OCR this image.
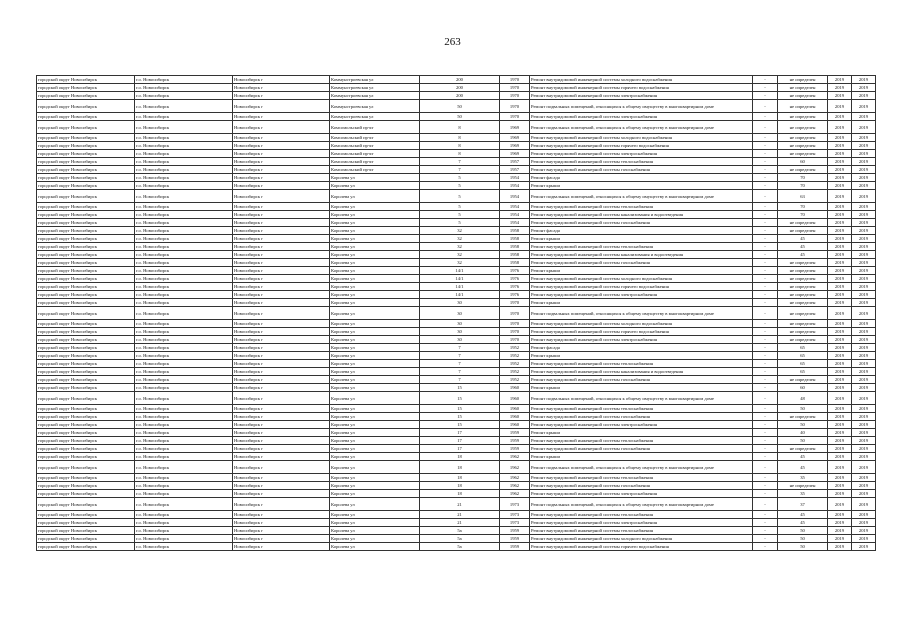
263
городской округ Новосибирск	г.о. Новосибирск	Новосибирск г	Коммунстроевская ул	200	1970	Ремонт внутридомовой инженерной системы холодного водоснабжения	-	не определен	2019	2019
городской округ Новосибирск	г.о. Новосибирск	Новосибирск г	Коммунстроевская ул	200	1970	Ремонт внутридомовой инженерной системы горячего водоснабжения	-	не определен	2019	2019
городской округ Новосибирск	г.о. Новосибирск	Новосибирск г	Коммунстроевская ул	200	1970	Ремонт внутридомовой инженерной системы электроснабжения	-	не определен	2019	2019
городской округ Новосибирск	г.о. Новосибирск	Новосибирск г	Коммунстроевская ул	50	1970	Ремонт подвальных помещений, относящихся к общему имуществу в многоквартирном доме	-	не определен	2019	2019
городской округ Новосибирск	г.о. Новосибирск	Новосибирск г	Коммунстроевская ул	50	1970	Ремонт внутридомовой инженерной системы электроснабжения	-	не определен	2019	2019
городской округ Новосибирск	г.о. Новосибирск	Новосибирск г	Комсомольский пр-кт	8	1969	Ремонт подвальных помещений, относящихся к общему имуществу в многоквартирном доме	-	не определен	2019	2019
городской округ Новосибирск	г.о. Новосибирск	Новосибирск г	Комсомольский пр-кт	8	1969	Ремонт внутридомовой инженерной системы холодного водоснабжения	-	не определен	2019	2019
городской округ Новосибирск	г.о. Новосибирск	Новосибирск г	Комсомольский пр-кт	8	1969	Ремонт внутридомовой инженерной системы горячего водоснабжения	-	не определен	2019	2019
городской округ Новосибирск	г.о. Новосибирск	Новосибирск г	Комсомольский пр-кт	8	1969	Ремонт внутридомовой инженерной системы электроснабжения	-	не определен	2019	2019
городской округ Новосибирск	г.о. Новосибирск	Новосибирск г	Комсомольский пр-кт	7	1957	Ремонт внутридомовой инженерной системы теплоснабжения	-	60	2019	2019
городской округ Новосибирск	г.о. Новосибирск	Новосибирск г	Комсомольский пр-кт	7	1957	Ремонт внутридомовой инженерной системы газоснабжения	-	не определен	2019	2019
городской округ Новосибирск	г.о. Новосибирск	Новосибирск г	Королева ул	5	1954	Ремонт фасада	-	70	2019	2019
городской округ Новосибирск	г.о. Новосибирск	Новосибирск г	Королева ул	5	1954	Ремонт крыши	-	70	2019	2019
городской округ Новосибирск	г.о. Новосибирск	Новосибирск г	Королева ул	5	1954	Ремонт подвальных помещений, относящихся к общему имуществу в многоквартирном доме	-	63	2019	2019
городской округ Новосибирск	г.о. Новосибирск	Новосибирск г	Королева ул	5	1954	Ремонт внутридомовой инженерной системы теплоснабжения	-	70	2019	2019
городской округ Новосибирск	г.о. Новосибирск	Новосибирск г	Королева ул	5	1954	Ремонт внутридомовой инженерной системы канализования и водоотведения	-	70	2019	2019
городской округ Новосибирск	г.о. Новосибирск	Новосибирск г	Королева ул	5	1954	Ремонт внутридомовой инженерной системы газоснабжения	-	не определен	2019	2019
городской округ Новосибирск	г.о. Новосибирск	Новосибирск г	Королева ул	32	1958	Ремонт фасада	-	не определен	2019	2019
городской округ Новосибирск	г.о. Новосибирск	Новосибирск г	Королева ул	32	1958	Ремонт крыши	-	45	2019	2019
городской округ Новосибирск	г.о. Новосибирск	Новосибирск г	Королева ул	32	1958	Ремонт внутридомовой инженерной системы теплоснабжения	-	45	2019	2019
городской округ Новосибирск	г.о. Новосибирск	Новосибирск г	Королева ул	32	1958	Ремонт внутридомовой инженерной системы канализования и водоотведения	-	45	2019	2019
городской округ Новосибирск	г.о. Новосибирск	Новосибирск г	Королева ул	32	1958	Ремонт внутридомовой инженерной системы газоснабжения	-	не определен	2019	2019
городской округ Новосибирск	г.о. Новосибирск	Новосибирск г	Королева ул	14/1	1976	Ремонт крыши	-	не определен	2019	2019
городской округ Новосибирск	г.о. Новосибирск	Новосибирск г	Королева ул	14/1	1976	Ремонт внутридомовой инженерной системы холодного водоснабжения	-	не определен	2019	2019
городской округ Новосибирск	г.о. Новосибирск	Новосибирск г	Королева ул	14/1	1976	Ремонт внутридомовой инженерной системы горячего водоснабжения	-	не определен	2019	2019
городской округ Новосибирск	г.о. Новосибирск	Новосибирск г	Королева ул	14/1	1976	Ремонт внутридомовой инженерной системы электроснабжения	-	не определен	2019	2019
городской округ Новосибирск	г.о. Новосибирск	Новосибирск г	Королева ул	30	1970	Ремонт крыши	-	не определен	2019	2019
городской округ Новосибирск	г.о. Новосибирск	Новосибирск г	Королева ул	30	1970	Ремонт подвальных помещений, относящихся к общему имуществу в многоквартирном доме	-	не определен	2019	2019
городской округ Новосибирск	г.о. Новосибирск	Новосибирск г	Королева ул	30	1970	Ремонт внутридомовой инженерной системы холодного водоснабжения	-	не определен	2019	2019
городской округ Новосибирск	г.о. Новосибирск	Новосибирск г	Королева ул	30	1970	Ремонт внутридомовой инженерной системы горячего водоснабжения	-	не определен	2019	2019
городской округ Новосибирск	г.о. Новосибирск	Новосибирск г	Королева ул	30	1970	Ремонт внутридомовой инженерной системы электроснабжения	-	не определен	2019	2019
городской округ Новосибирск	г.о. Новосибирск	Новосибирск г	Королева ул	7	1952	Ремонт фасада	-	65	2019	2019
городской округ Новосибирск	г.о. Новосибирск	Новосибирск г	Королева ул	7	1952	Ремонт крыши	-	65	2019	2019
городской округ Новосибирск	г.о. Новосибирск	Новосибирск г	Королева ул	7	1952	Ремонт внутридомовой инженерной системы теплоснабжения	-	65	2019	2019
городской округ Новосибирск	г.о. Новосибирск	Новосибирск г	Королева ул	7	1952	Ремонт внутридомовой инженерной системы канализования и водоотведения	-	65	2019	2019
городской округ Новосибирск	г.о. Новосибирск	Новосибирск г	Королева ул	7	1952	Ремонт внутридомовой инженерной системы газоснабжения	-	не определен	2019	2019
городской округ Новосибирск	г.о. Новосибирск	Новосибирск г	Королева ул	15	1960	Ремонт крыши	-	60	2019	2019
городской округ Новосибирск	г.о. Новосибирск	Новосибирск г	Королева ул	15	1960	Ремонт подвальных помещений, относящихся к общему имуществу в многоквартирном доме	-	48	2019	2019
городской округ Новосибирск	г.о. Новосибирск	Новосибирск г	Королева ул	15	1960	Ремонт внутридомовой инженерной системы теплоснабжения	-	50	2019	2019
городской округ Новосибирск	г.о. Новосибирск	Новосибирск г	Королева ул	15	1960	Ремонт внутридомовой инженерной системы газоснабжения	-	не определен	2019	2019
городской округ Новосибирск	г.о. Новосибирск	Новосибирск г	Королева ул	15	1960	Ремонт внутридомовой инженерной системы электроснабжения	-	50	2019	2019
городской округ Новосибирск	г.о. Новосибирск	Новосибирск г	Королева ул	17	1959	Ремонт крыши	-	40	2019	2019
городской округ Новосибирск	г.о. Новосибирск	Новосибирск г	Королева ул	17	1959	Ремонт внутридомовой инженерной системы теплоснабжения	-	50	2019	2019
городской округ Новосибирск	г.о. Новосибирск	Новосибирск г	Королева ул	17	1959	Ремонт внутридомовой инженерной системы газоснабжения	-	не определен	2019	2019
городской округ Новосибирск	г.о. Новосибирск	Новосибирск г	Королева ул	18	1962	Ремонт крыши	-	45	2019	2019
городской округ Новосибирск	г.о. Новосибирск	Новосибирск г	Королева ул	18	1962	Ремонт подвальных помещений, относящихся к общему имуществу в многоквартирном доме	-	45	2019	2019
городской округ Новосибирск	г.о. Новосибирск	Новосибирск г	Королева ул	18	1962	Ремонт внутридомовой инженерной системы теплоснабжения	-	35	2019	2019
городской округ Новосибирск	г.о. Новосибирск	Новосибирск г	Королева ул	18	1962	Ремонт внутридомовой инженерной системы газоснабжения	-	не определен	2019	2019
городской округ Новосибирск	г.о. Новосибирск	Новосибирск г	Королева ул	18	1962	Ремонт внутридомовой инженерной системы электроснабжения	-	35	2019	2019
городской округ Новосибирск	г.о. Новосибирск	Новосибирск г	Королева ул	21	1973	Ремонт подвальных помещений, относящихся к общему имуществу в многоквартирном доме	-	37	2019	2019
городской округ Новосибирск	г.о. Новосибирск	Новосибирск г	Королева ул	21	1973	Ремонт внутридомовой инженерной системы теплоснабжения	-	45	2019	2019
городской округ Новосибирск	г.о. Новосибирск	Новосибирск г	Королева ул	21	1973	Ремонт внутридомовой инженерной системы электроснабжения	-	45	2019	2019
городской округ Новосибирск	г.о. Новосибирск	Новосибирск г	Королева ул	5а	1959	Ремонт внутридомовой инженерной системы теплоснабжения	-	50	2019	2019
городской округ Новосибирск	г.о. Новосибирск	Новосибирск г	Королева ул	5а	1959	Ремонт внутридомовой инженерной системы холодного водоснабжения	-	50	2019	2019
городской округ Новосибирск	г.о. Новосибирск	Новосибирск г	Королева ул	5а	1959	Ремонт внутридомовой инженерной системы горячего водоснабжения	-	50	2019	2019
